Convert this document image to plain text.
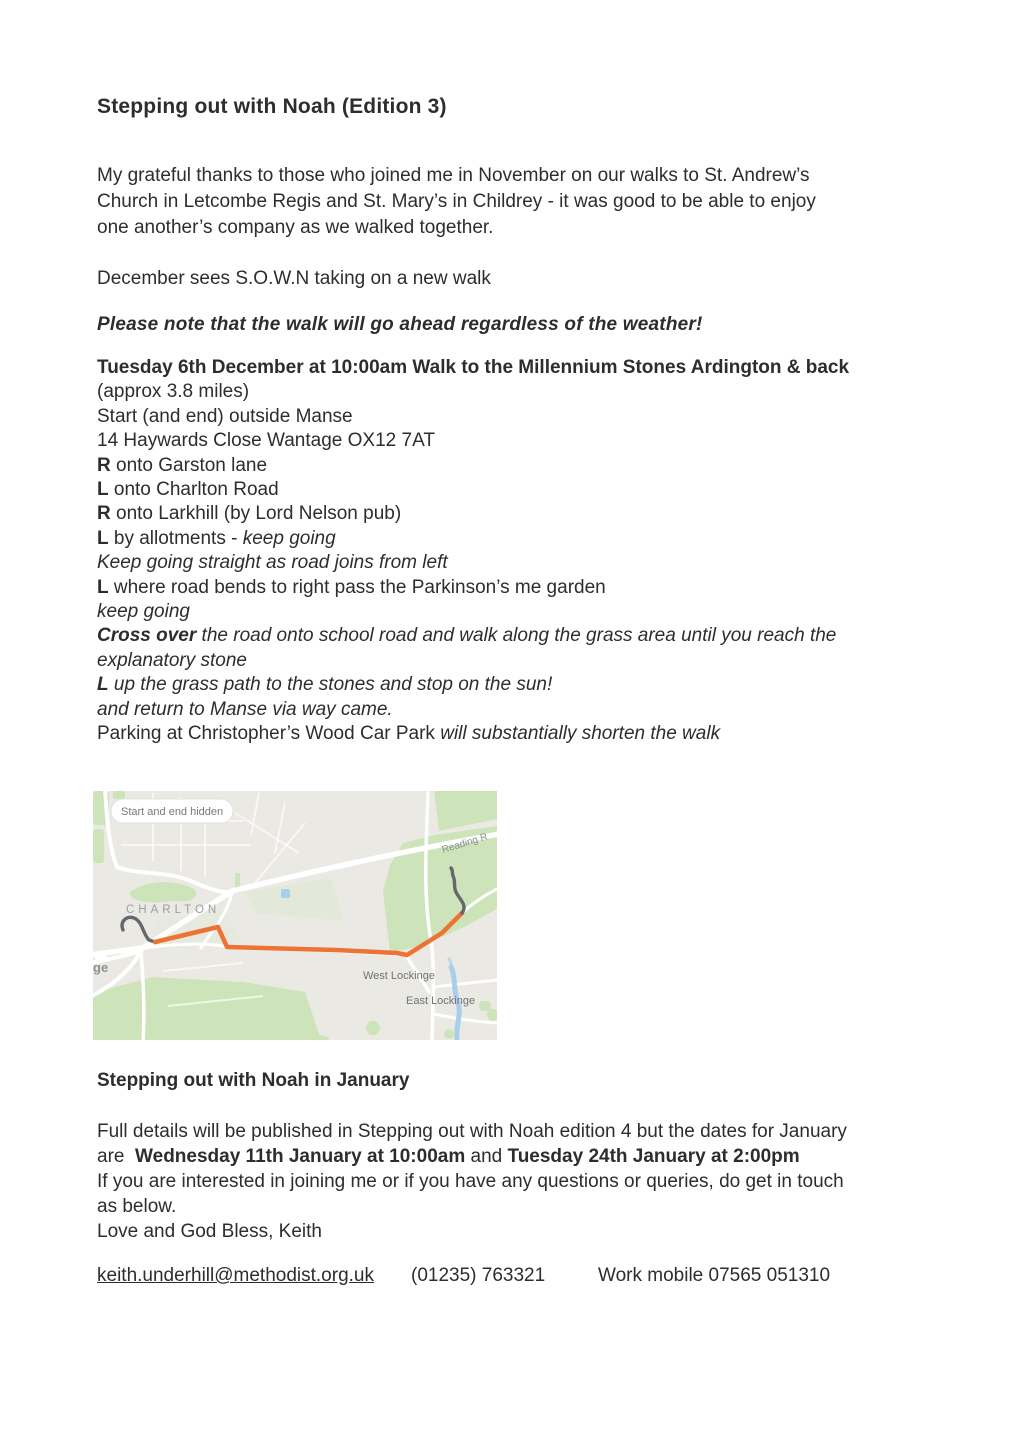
Stepping out with Noah (Edition 3)
My grateful thanks to those who joined me in November on our walks to St. Andrew’s
Church in Letcombe Regis and St. Mary’s in Childrey - it was good to be able to enjoy
one another’s company as we walked together.
December sees S.O.W.N taking on a new walk
Please note that the walk will go ahead regardless of the weather!
Tuesday 6th December at 10:00am Walk to the Millennium Stones Ardington & back
(approx 3.8 miles)
Start (and end) outside Manse
14 Haywards Close Wantage OX12 7AT
R onto Garston lane
L onto Charlton Road
R onto Larkhill (by Lord Nelson pub)
L by allotments - keep going
Keep going straight as road joins from left
L where road bends to right pass the Parkinson’s me garden
keep going
Cross over the road onto school road and walk along the grass area until you reach the
explanatory stone
L up the grass path to the stones and stop on the sun!
and return to Manse via way came.
Parking at Christopher’s Wood Car Park will substantially shorten the walk
Start and end hidden
CHARLTON
Reading R
West Lockinge
East Lockinge
ge
Stepping out with Noah in January
Full details will be published in Stepping out with Noah edition 4 but the dates for January
are  Wednesday 11th January at 10:00am and Tuesday 24th January at 2:00pm
If you are interested in joining me or if you have any questions or queries, do get in touch
as below.
Love and God Bless, Keith
keith.underhill@methodist.org.uk (01235) 763321	Work mobile 07565 051310
